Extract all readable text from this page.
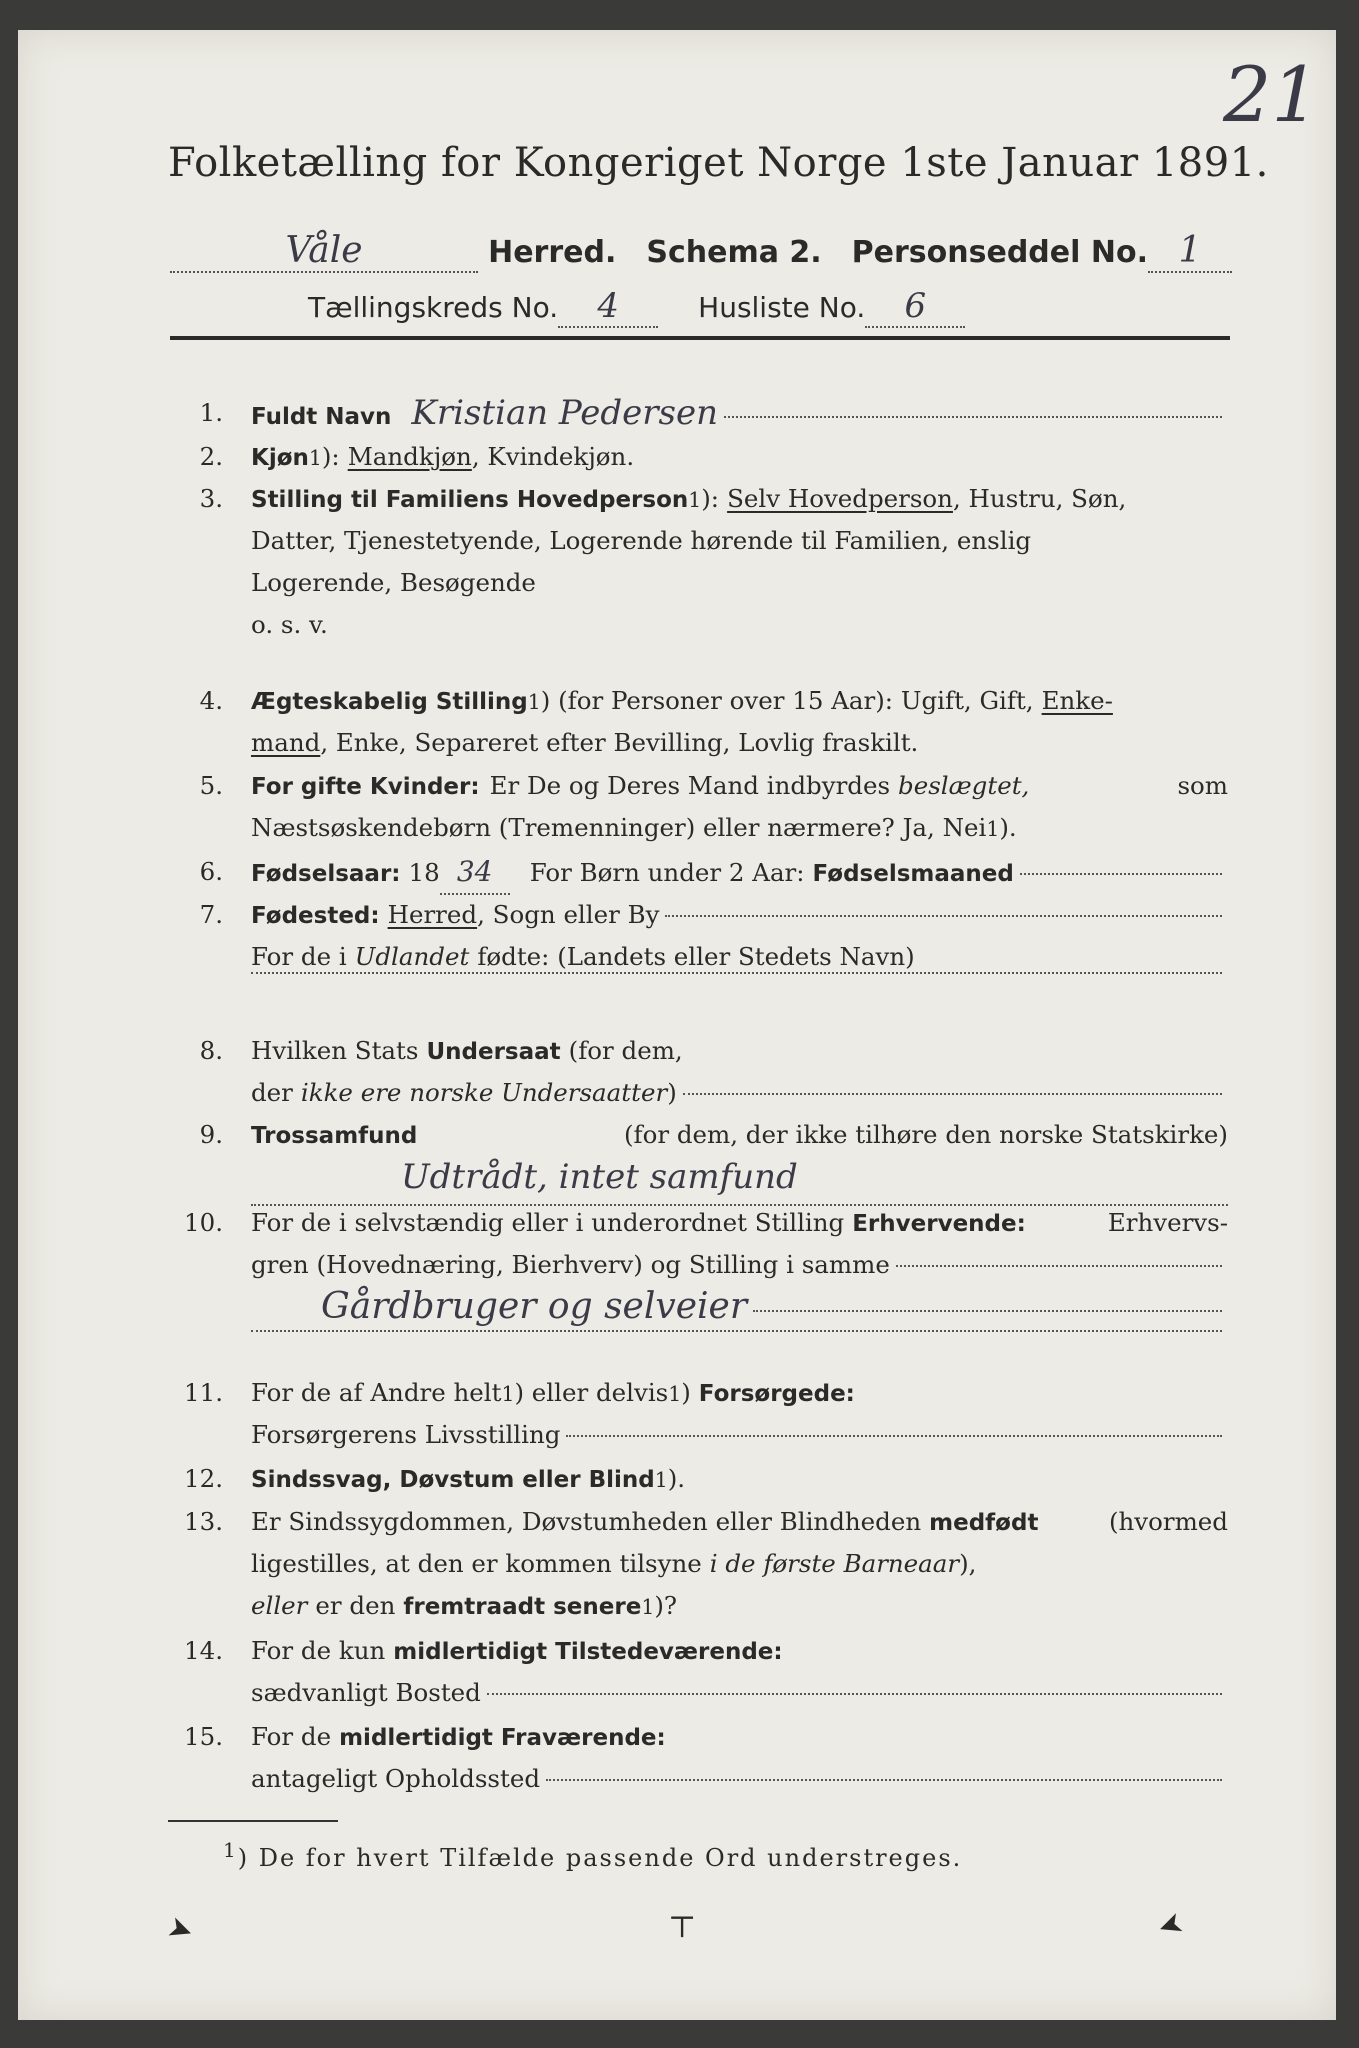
21
Folketælling for Kongeriget Norge 1ste Januar 1891.
Våle	Herred. Schema 2. Personseddel No. 1
Tællingskreds No.	4	Husliste No.	6
1. Fuldt Navn Kristian Pedersen
2. Kjøn 1 ): Mandkjøn , Kvindekjøn.
3. Stilling til Familiens Hovedperson 1 ): Selv Hovedperson , Hustru, Søn,
Datter, Tjenestetyende, Logerende hørende til Familien, enslig
Logerende, Besøgende
o. s. v.
4. Ægteskabelig Stilling 1 ) (for Personer over 15 Aar): Ugift, Gift, Enke-
mand , Enke, Separeret efter Bevilling, Lovlig fraskilt.
5. For gifte Kvinder: Er De og Deres Mand indbyrdes beslægtet,	som
Næstsøskendebørn (Tremenninger) eller nærmere? Ja, Nei 1 ).
6. Fødselsaar: 18 34	For Børn under 2 Aar: Fødselsmaaned
7. Fødested: Herred , Sogn eller By
For de i Udlandet fødte: (Landets eller Stedets Navn)
8. Hvilken Stats Undersaat (for dem,
der ikke ere norske Undersaatter )
9. Trossamfund	(for dem, der ikke tilhøre den norske Statskirke)
Udtrådt, intet samfund
10. For de i selvstændig eller i underordnet Stilling Erhvervende:	Erhvervs-
gren (Hovednæring, Bierhverv) og Stilling i samme
Gårdbruger og selveier
11. For de af Andre helt 1 ) eller delvis 1 ) Forsørgede:
Forsørgerens Livsstilling
12. Sindssvag, Døvstum eller Blind 1 ).
13. Er Sindssygdommen, Døvstumheden eller Blindheden medfødt	(hvormed
ligestilles, at den er kommen tilsyne i de første Barneaar ),
eller er den fremtraadt senere 1 )?
14. For de kun midlertidigt Tilstedeværende:
sædvanligt Bosted
15. For de midlertidigt Fraværende:
antageligt Opholdssted
$^1$) De for hvert Tilfælde passende Ord understreges.
➤	⊤	➤
